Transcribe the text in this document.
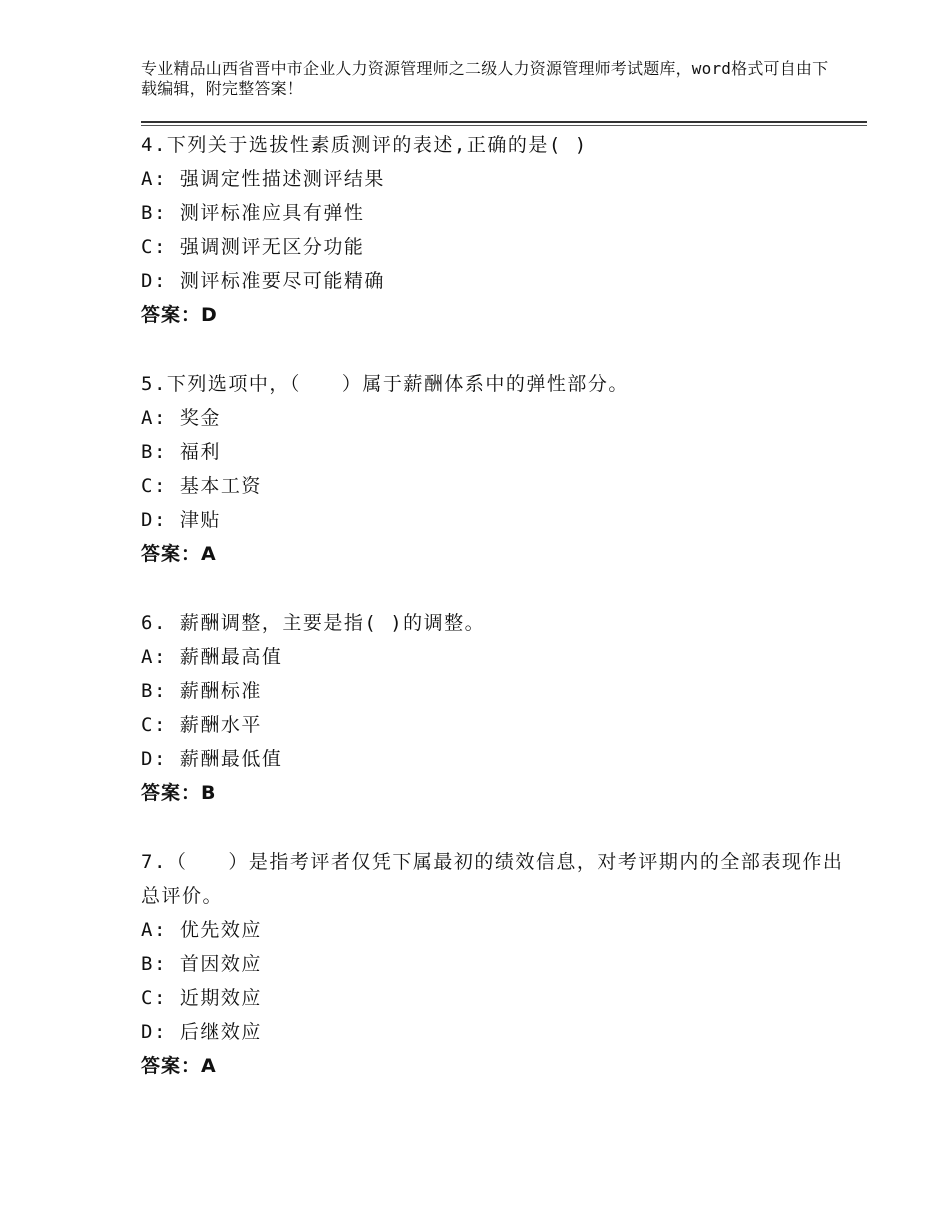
专业精品山西省晋中市企业人力资源管理师之二级人力资源管理师考试题库，word格式可自由下载编辑，附完整答案！
4.下列关于选拔性素质测评的表述,正确的是( )
A: 强调定性描述测评结果
B: 测评标准应具有弹性
C: 强调测评无区分功能
D: 测评标准要尽可能精确
答案：D
5.下列选项中，（　　）属于薪酬体系中的弹性部分。
A: 奖金
B: 福利
C: 基本工资
D: 津贴
答案：A
6. 薪酬调整，主要是指( )的调整。
A: 薪酬最高值
B: 薪酬标准
C: 薪酬水平
D: 薪酬最低值
答案：B
7.（　　）是指考评者仅凭下属最初的绩效信息，对考评期内的全部表现作出总评价。
A: 优先效应
B: 首因效应
C: 近期效应
D: 后继效应
答案：A
